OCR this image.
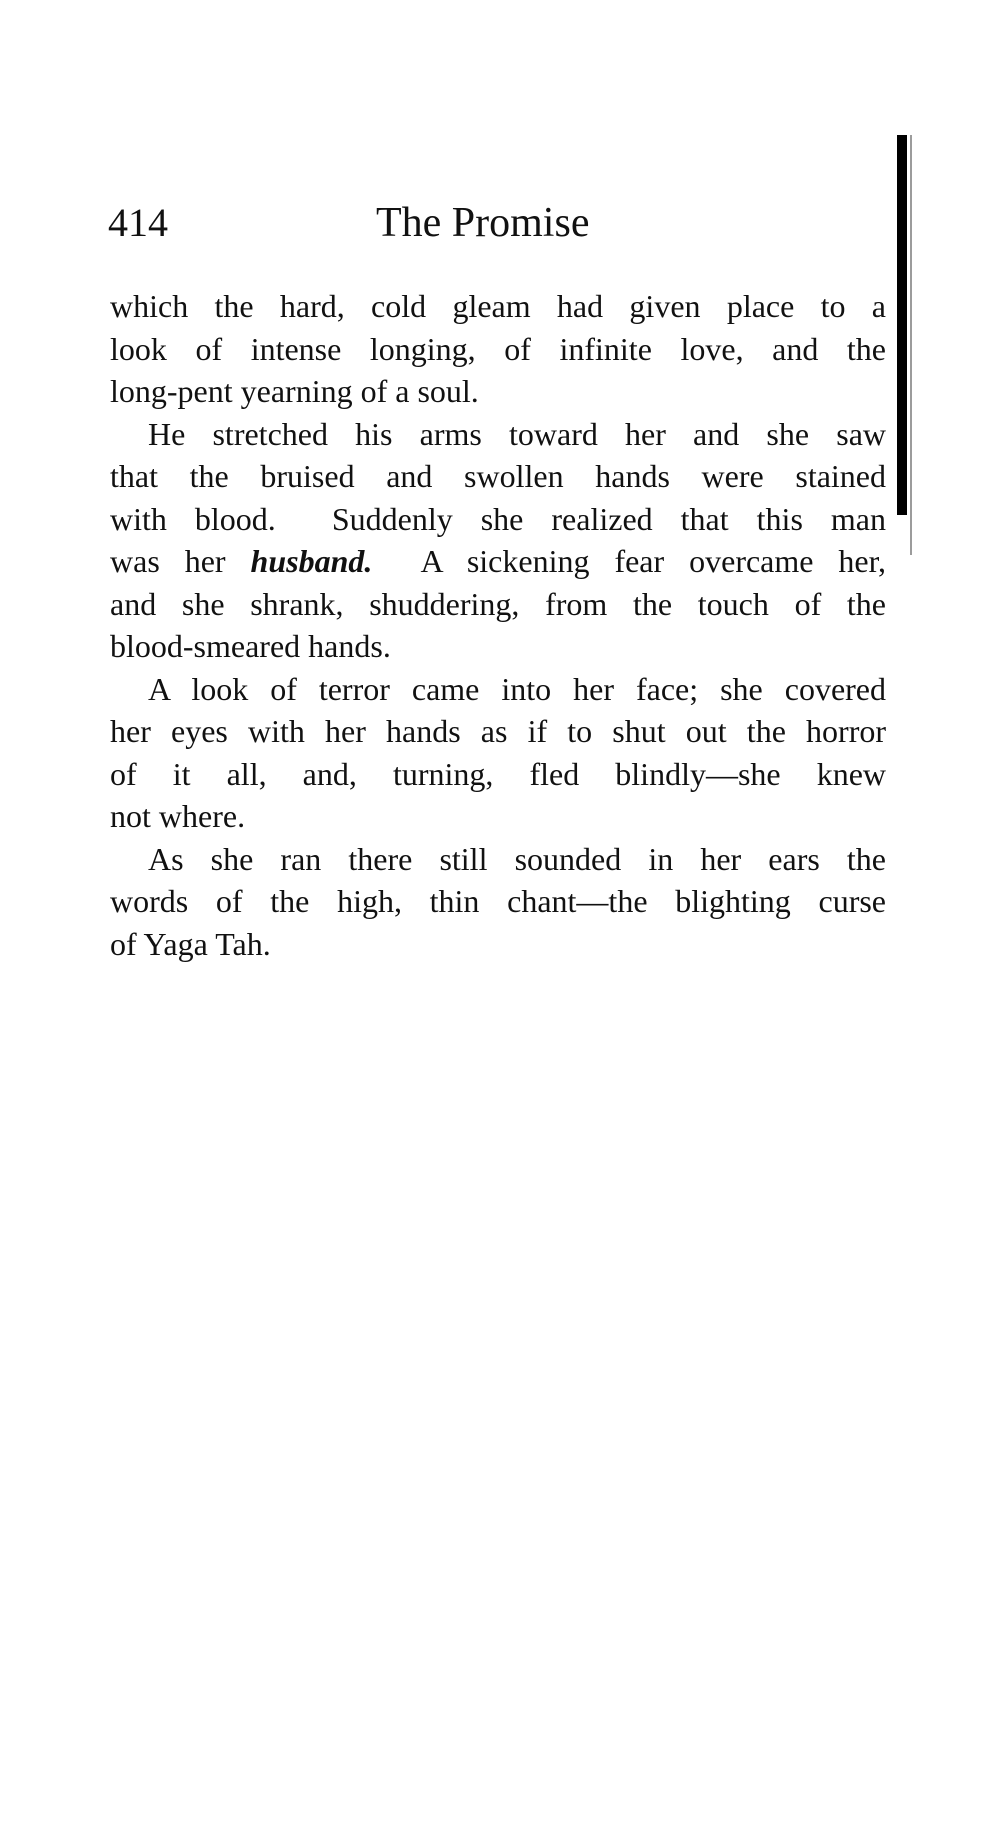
414	The Promise

which the hard, cold gleam had given place to a
look of intense longing, of infinite love, and the
long-pent yearning of a soul.

He stretched his arms toward her and she saw
that the bruised and swollen hands were stained
with blood.  Suddenly she realized that this man
was her husband.  A sickening fear overcame her,
and she shrank, shuddering, from the touch of the
blood-smeared hands.

A look of terror came into her face; she covered
her eyes with her hands as if to shut out the horror
of it all, and, turning, fled blindly—she knew
not where.

As she ran there still sounded in her ears the
words of the high, thin chant—the blighting curse
of Yaga Tah.
